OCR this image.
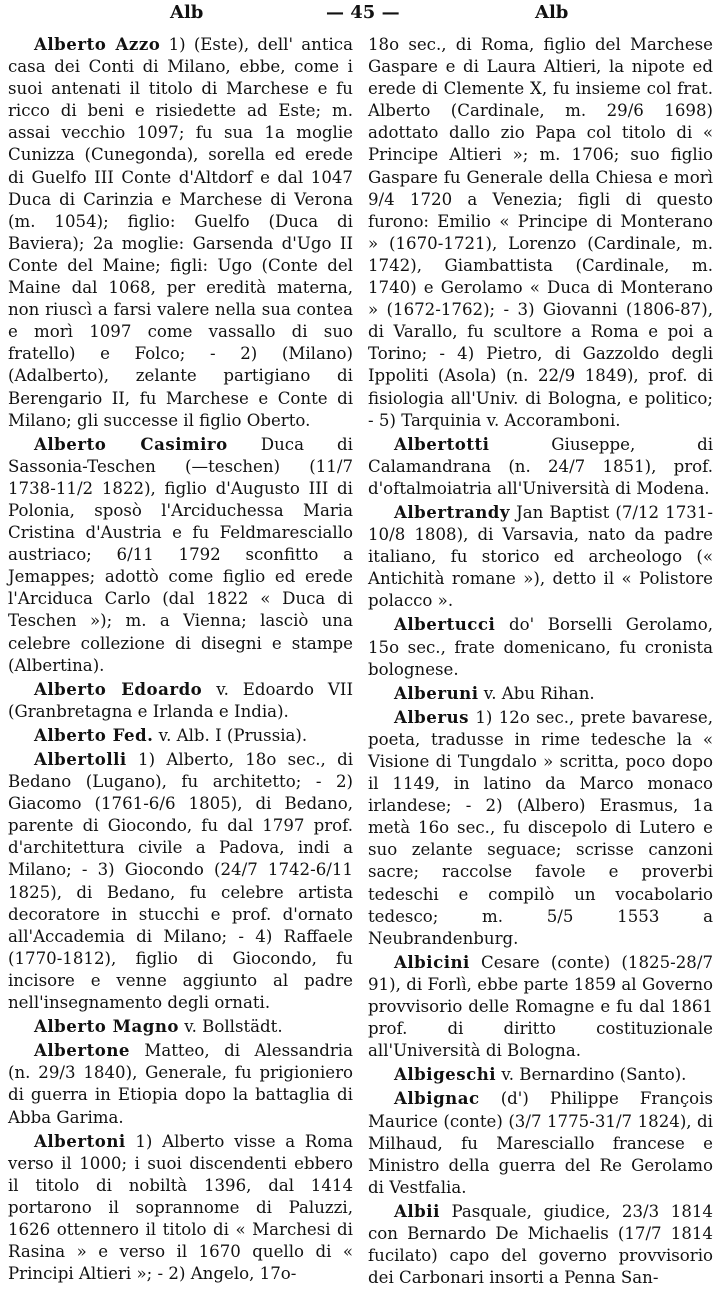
Alb	— 45 —	Alb

Alberto Azzo 1) (Este), dell' antica casa dei Conti di Milano, ebbe, come i suoi antenati il titolo di Marchese e fu ricco di beni e risiedette ad Este; m. assai vecchio 1097; fu sua 1a moglie Cunizza (Cunegonda), sorella ed erede di Guelfo III Conte d'Altdorf e dal 1047 Duca di Carinzia e Marchese di Verona (m. 1054); figlio: Guelfo (Duca di Baviera); 2a moglie: Garsenda d'Ugo II Conte del Maine; figli: Ugo (Conte del Maine dal 1068, per eredità materna, non riuscì a farsi valere nella sua contea e morì 1097 come vassallo di suo fratello) e Folco; - 2) (Milano) (Adalberto), zelante partigiano di Berengario II, fu Marchese e Conte di Milano; gli successe il figlio Oberto.

Alberto Casimiro Duca di Sassonia-Teschen (—teschen) (11/7 1738-11/2 1822), figlio d'Augusto III di Polonia, sposò l'Arciduchessa Maria Cristina d'Austria e fu Feldmaresciallo austriaco; 6/11 1792 sconfitto a Jemappes; adottò come figlio ed erede l'Arciduca Carlo (dal 1822 « Duca di Teschen »); m. a Vienna; lasciò una celebre collezione di disegni e stampe (Albertina).

Alberto Edoardo v. Edoardo VII (Granbretagna e Irlanda e India).

Alberto Fed. v. Alb. I (Prussia).

Albertolli 1) Alberto, 18o sec., di Bedano (Lugano), fu architetto; - 2) Giacomo (1761-6/6 1805), di Bedano, parente di Giocondo, fu dal 1797 prof. d'architettura civile a Padova, indi a Milano; - 3) Giocondo (24/7 1742-6/11 1825), di Bedano, fu celebre artista decoratore in stucchi e prof. d'ornato all'Accademia di Milano; - 4) Raffaele (1770-1812), figlio di Giocondo, fu incisore e venne aggiunto al padre nell'insegnamento degli ornati.

Alberto Magno v. Bollstädt.

Albertone Matteo, di Alessandria (n. 29/3 1840), Generale, fu prigioniero di guerra in Etiopia dopo la battaglia di Abba Garima.

Albertoni 1) Alberto visse a Roma verso il 1000; i suoi discendenti ebbero il titolo di nobiltà 1396, dal 1414 portarono il soprannome di Paluzzi, 1626 ottennero il titolo di « Marchesi di Rasina » e verso il 1670 quello di « Principi Altieri »; - 2) Angelo, 17o-

18o sec., di Roma, figlio del Marchese Gaspare e di Laura Altieri, la nipote ed erede di Clemente X, fu insieme col frat. Alberto (Cardinale, m. 29/6 1698) adottato dallo zio Papa col titolo di « Principe Altieri »; m. 1706; suo figlio Gaspare fu Generale della Chiesa e morì 9/4 1720 a Venezia; figli di questo furono: Emilio « Principe di Monterano » (1670-1721), Lorenzo (Cardinale, m. 1742), Giambattista (Cardinale, m. 1740) e Gerolamo « Duca di Monterano » (1672-1762); - 3) Giovanni (1806-87), di Varallo, fu scultore a Roma e poi a Torino; - 4) Pietro, di Gazzoldo degli Ippoliti (Asola) (n. 22/9 1849), prof. di fisiologia all'Univ. di Bologna, e politico; - 5) Tarquinia v. Accoramboni.

Albertotti Giuseppe, di Calamandrana (n. 24/7 1851), prof. d'oftalmoiatria all'Università di Modena.

Albertrandy Jan Baptist (7/12 1731-10/8 1808), di Varsavia, nato da padre italiano, fu storico ed archeologo (« Antichità romane »), detto il « Polistore polacco ».

Albertucci do' Borselli Gerolamo, 15o sec., frate domenicano, fu cronista bolognese.

Alberuni v. Abu Rihan.

Alberus 1) 12o sec., prete bavarese, poeta, tradusse in rime tedesche la « Visione di Tungdalo » scritta, poco dopo il 1149, in latino da Marco monaco irlandese; - 2) (Albero) Erasmus, 1a metà 16o sec., fu discepolo di Lutero e suo zelante seguace; scrisse canzoni sacre; raccolse favole e proverbi tedeschi e compilò un vocabolario tedesco; m. 5/5 1553 a Neubrandenburg.

Albicini Cesare (conte) (1825-28/7 91), di Forlì, ebbe parte 1859 al Governo provvisorio delle Romagne e fu dal 1861 prof. di diritto costituzionale all'Università di Bologna.

Albigeschi v. Bernardino (Santo).

Albignac (d') Philippe François Maurice (conte) (3/7 1775-31/7 1824), di Milhaud, fu Maresciallo francese e Ministro della guerra del Re Gerolamo di Vestfalia.

Albii Pasquale, giudice, 23/3 1814 con Bernardo De Michaelis (17/7 1814 fucilato) capo del governo provvisorio dei Carbonari insorti a Penna San-
